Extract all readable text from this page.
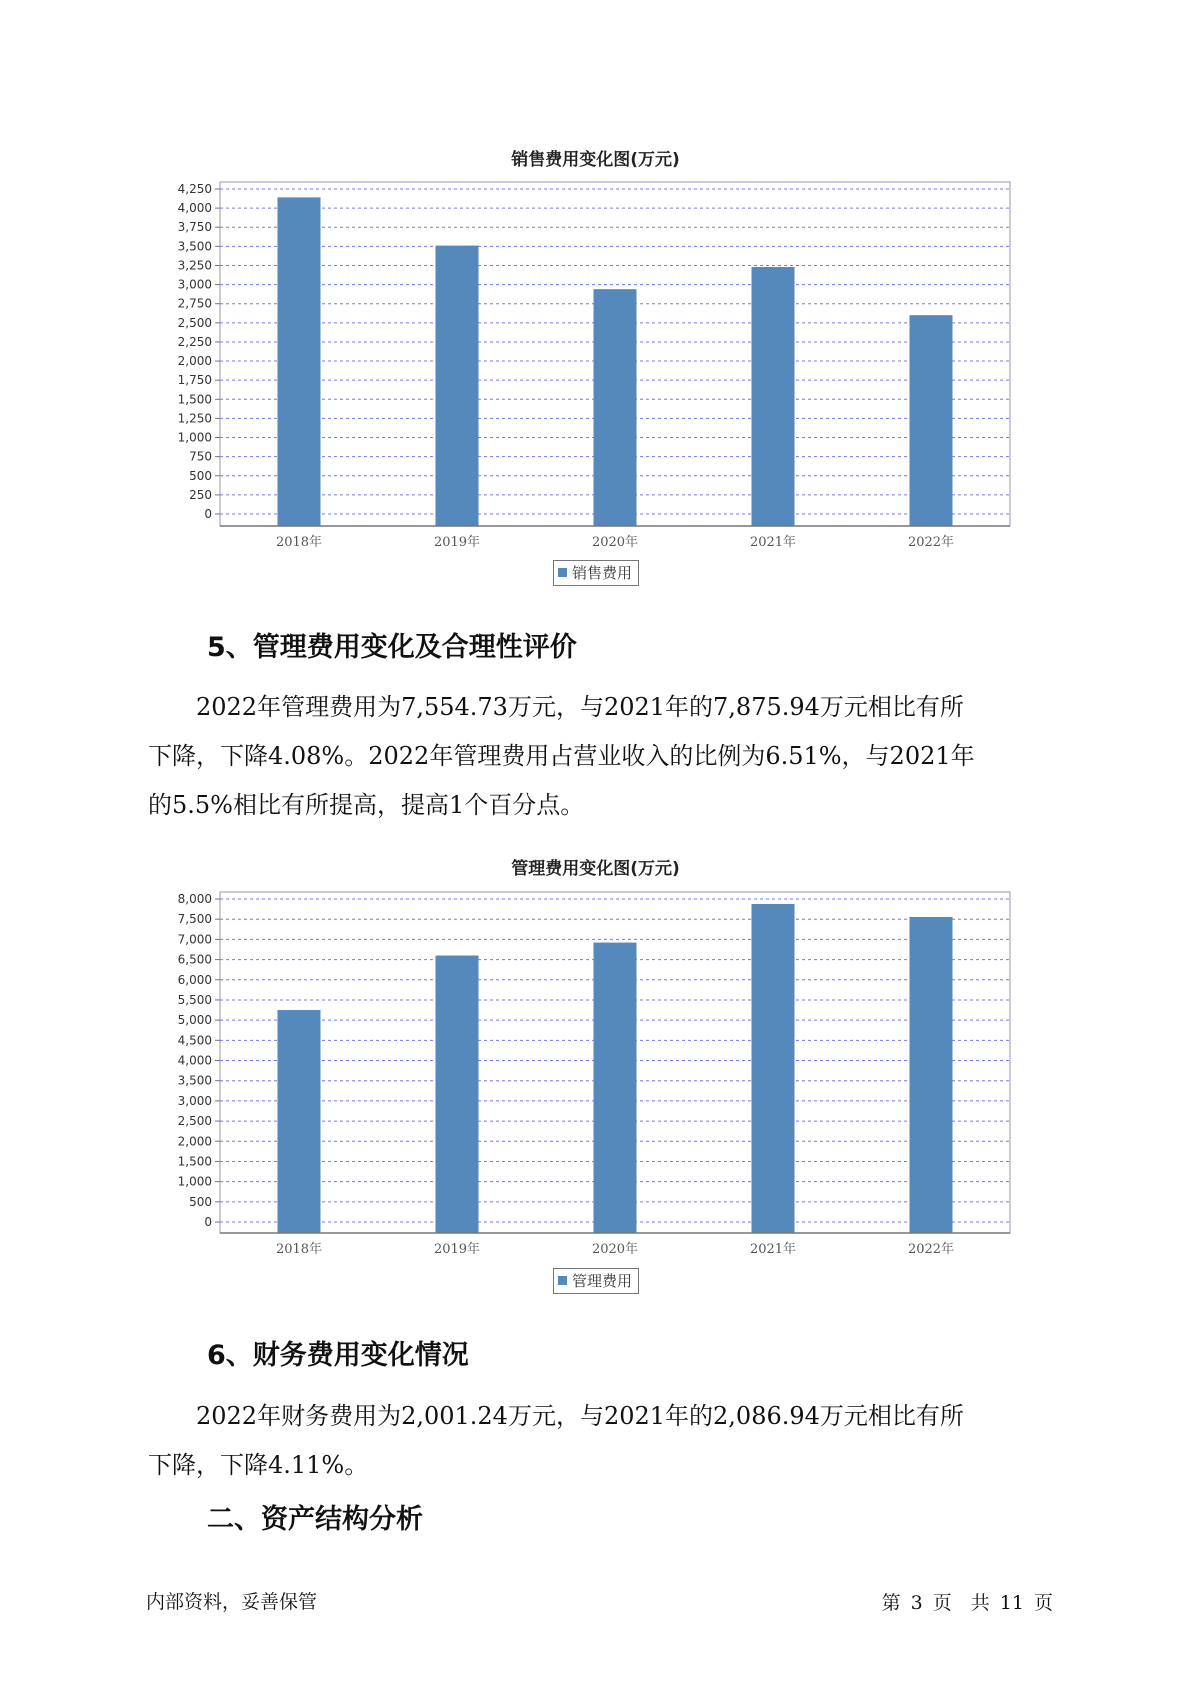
销售费用变化图(万元)
0
250
500
750
1,000
1,250
1,500
1,750
2,000
2,250
2,500
2,750
3,000
3,250
3,500
3,750
4,000
4,250
2018年	2019年	2020年	2021年	2022年
销售费用
5、管理费用变化及合理性评价

　　2022年管理费用为7,554.73万元，与2021年的7,875.94万元相比有所

下降，下降4.08%。2022年管理费用占营业收入的比例为6.51%，与2021年

的5.5%相比有所提高，提高1个百分点。

管理费用变化图(万元)
0
500
1,000
1,500
2,000
2,500
3,000
3,500
4,000
4,500
5,000
5,500
6,000
6,500
7,000
7,500
8,000
2018年	2019年	2020年	2021年	2022年
管理费用
6、财务费用变化情况

　　2022年财务费用为2,001.24万元，与2021年的2,086.94万元相比有所

下降，下降4.11%。

二、资产结构分析
内部资料，妥善保管	第 3 页　共 11 页
